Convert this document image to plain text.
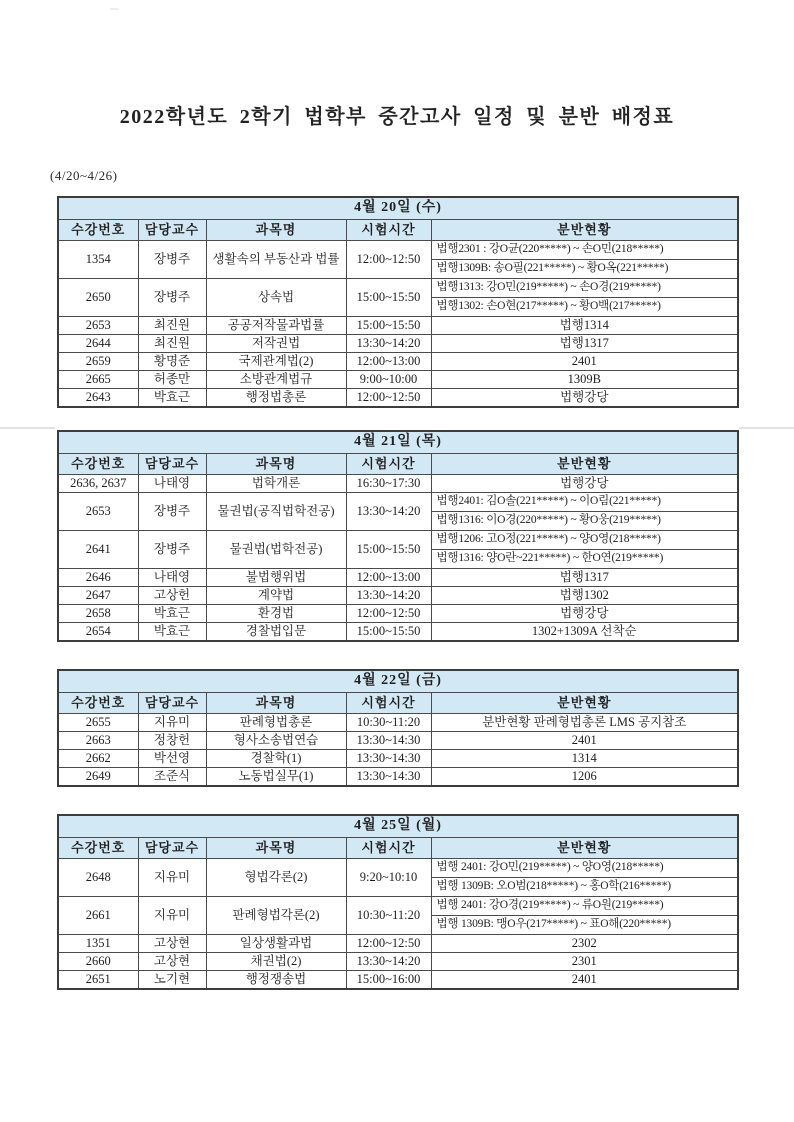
2022학년도 2학기 법학부 중간고사 일정 및 분반 배정표
(4/20~4/26)
4월 20일 (수)				
수강번호	담당교수	과목명	시험시간	분반현황
1354	장병주	생활속의 부동산과 법률	12:00~12:50	법행2301 : 강O균(220*****) ~ 손O민(218*****)
				법행1309B: 송O필(221*****) ~ 황O옥(221*****)
2650	장병주	상속법	15:00~15:50	법행1313: 강O민(219*****) ~ 손O경(219*****)
				법행1302: 손O현(217*****) ~ 황O백(217*****)
2653	최진원	공공저작물과법률	15:00~15:50	법행1314
2644	최진원	저작권법	13:30~14:20	법행1317
2659	황명준	국제관계법(2)	12:00~13:00	2401
2665	허종만	소방관계법규	9:00~10:00	1309B
2643	박효근	행정법총론	12:00~12:50	법행강당
4월 21일 (목)				
수강번호	담당교수	과목명	시험시간	분반현황
2636, 2637	나태영	법학개론	16:30~17:30	법행강당
2653	장병주	물권법(공직법학전공)	13:30~14:20	법행2401: 김O솔(221*****) ~ 이O림(221*****)
				법행1316: 이O경(220*****) ~ 황O웅(219*****)
2641	장병주	물권법(법학전공)	15:00~15:50	법행1206: 고O정(221*****) ~ 양O영(218*****)
				법행1316: 양O란~221*****) ~ 한O연(219*****)
2646	나태영	불법행위법	12:00~13:00	법행1317
2647	고상헌	계약법	13:30~14:20	법행1302
2658	박효근	환경법	12:00~12:50	법행강당
2654	박효근	경찰법입문	15:00~15:50	1302+1309A 선착순
4월 22일 (금)				
수강번호	담당교수	과목명	시험시간	분반현황
2655	지유미	판례형법총론	10:30~11:20	분반현황 판례형법총론 LMS 공지참조
2663	정창헌	형사소송법연습	13:30~14:30	2401
2662	박선영	경찰학(1)	13:30~14:30	1314
2649	조준식	노동법실무(1)	13:30~14:30	1206
4월 25일 (월)				
수강번호	담당교수	과목명	시험시간	분반현황
2648	지유미	형법각론(2)	9:20~10:10	법행 2401: 강O민(219*****) ~ 양O영(218*****)
				법행 1309B: 오O범(218*****) ~ 홍O학(216*****)
2661	지유미	판례형법각론(2)	10:30~11:20	법행 2401: 강O경(219*****) ~ 류O원(219*****)
				법행 1309B: 맹O우(217*****) ~ 표O해(220*****)
1351	고상현	일상생활과법	12:00~12:50	2302
2660	고상현	채권법(2)	13:30~14:20	2301
2651	노기현	행정쟁송법	15:00~16:00	2401
